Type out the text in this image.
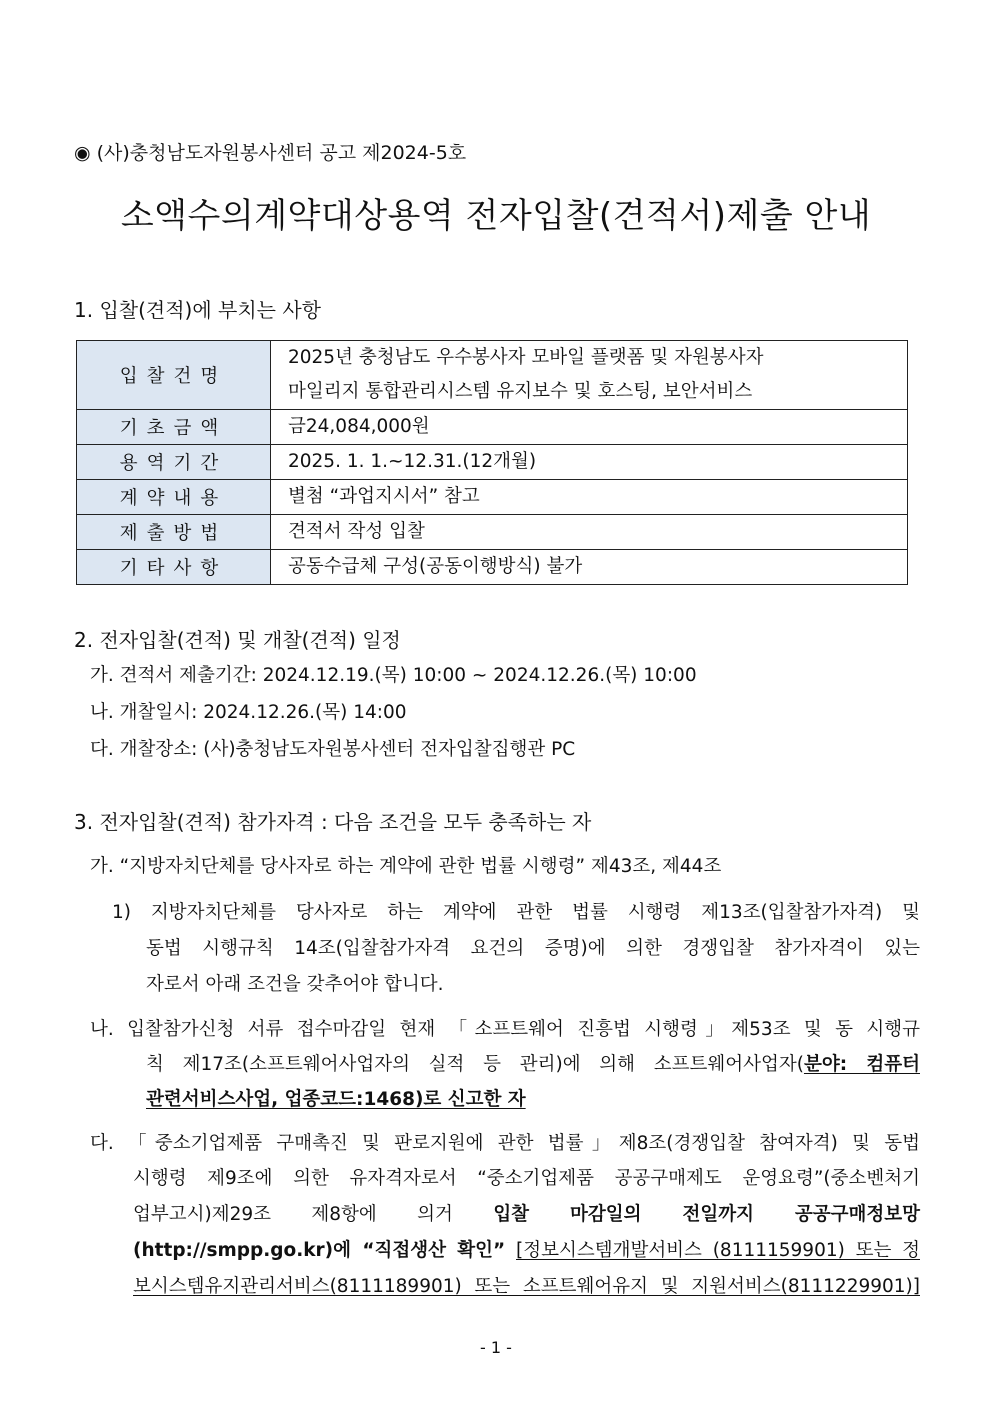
◉ (사)충청남도자원봉사센터 공고 제2024-5호
소액수의계약대상용역 전자입찰(견적서)제출 안내
1. 입찰(견적)에 부치는 사항
입찰건명	2025년 충청남도 우수봉사자 모바일 플랫폼 및 자원봉사자
마일리지 통합관리시스템 유지보수 및 호스팅, 보안서비스

기초금액	금24,084,000원
용역기간	2025. 1. 1.~12.31.(12개월)
계약내용	별첨 “과업지시서” 참고
제출방법	견적서 작성 입찰
기타사항	공동수급체 구성(공동이행방식) 불가
2. 전자입찰(견적) 및 개찰(견적) 일정
가. 견적서 제출기간: 2024.12.19.(목) 10:00 ~ 2024.12.26.(목) 10:00
나. 개찰일시: 2024.12.26.(목) 14:00
다. 개찰장소: (사)충청남도자원봉사센터 전자입찰집행관 PC
3. 전자입찰(견적) 참가자격 : 다음 조건을 모두 충족하는 자
가. “지방자치단체를 당사자로 하는 계약에 관한 법률 시행령” 제43조, 제44조
1) 지방자치단체를 당사자로 하는 계약에 관한 법률 시행령 제13조(입찰참가자격) 및
동법 시행규칙 14조(입찰참가자격 요건의 증명)에 의한 경쟁입찰 참가자격이 있는
자로서 아래 조건을 갖추어야 합니다.
나. 입찰참가신청 서류 접수마감일 현재 「소프트웨어 진흥법 시행령」제53조 및 동 시행규
칙 제17조(소프트웨어사업자의 실적 등 관리)에 의해 소프트웨어사업자(분야: 컴퓨터
관련서비스사업, 업종코드:1468)로 신고한 자
다. 「중소기업제품 구매촉진 및 판로지원에 관한 법률」제8조(경쟁입찰 참여자격) 및 동법
시행령 제9조에 의한 유자격자로서 “중소기업제품 공공구매제도 운영요령”(중소벤처기
업부고시)제29조 제8항에 의거 입찰 마감일의 전일까지 공공구매정보망
(http://smpp.go.kr)에 “직접생산 확인” [정보시스템개발서비스 (8111159901) 또는 정
보시스템유지관리서비스(8111189901) 또는 소프트웨어유지 및 지원서비스(8111229901)]
- 1 -
